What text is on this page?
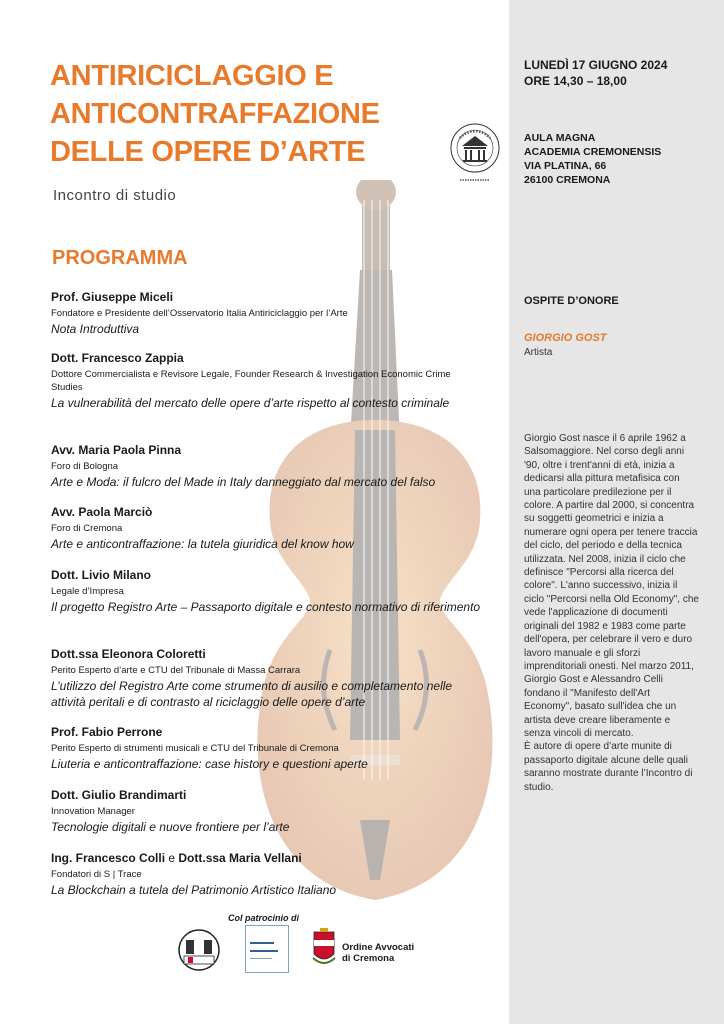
ANTIRICICLAGGIO E
ANTICONTRAFFAZIONE
DELLE OPERE D’ARTE
Incontro di studio
PROGRAMMA
Prof. Giuseppe Miceli
Fondatore e Presidente dell’Osservatorio Italia Antiriciclaggio per l’Arte
Nota Introduttiva
Dott. Francesco Zappia
Dottore Commercialista e Revisore Legale, Founder Research & Investigation Economic Crime Studies
La vulnerabilità del mercato delle opere d’arte rispetto al contesto criminale
Avv. Maria Paola Pinna
Foro di Bologna
Arte e Moda: il fulcro del Made in Italy danneggiato dal mercato del falso
Avv. Paola Marciò
Foro di Cremona
Arte e anticontraffazione: la tutela giuridica del know how
Dott. Livio Milano
Legale d’Impresa
Il progetto Registro Arte – Passaporto digitale e contesto normativo di riferimento
Dott.ssa Eleonora Coloretti
Perito Esperto d’arte e CTU del Tribunale di Massa Carrara
L’utilizzo del Registro Arte come strumento di ausilio e completamento nelle attività peritali e di contrasto al riciclaggio delle opere d’arte
Prof. Fabio Perrone
Perito Esperto di strumenti musicali e CTU del Tribunale di Cremona
Liuteria e anticontraffazione: case history e questioni aperte
Dott. Giulio Brandimarti
Innovation Manager
Tecnologie digitali e nuove frontiere per l’arte
Ing. Francesco Colli e Dott.ssa Maria Vellani
Fondatori di S | Trace
La Blockchain a tutela del Patrimonio Artistico Italiano
LUNEDÌ 17 GIUGNO 2024
ORE 14,30 – 18,00
AULA MAGNA
ACADEMIA CREMONENSIS
VIA PLATINA, 66
26100 CREMONA
OSPITE D’ONORE
GIORGIO GOST
Artista
Giorgio Gost nasce il 6 aprile 1962 a Salsomaggiore. Nel corso degli anni '90, oltre i trent'anni di età, inizia a dedicarsi alla pittura metafisica con una particolare predilezione per il colore. A partire dal 2000, si concentra su soggetti geometrici e inizia a numerare ogni opera per tenere traccia del ciclo, del periodo e della tecnica utilizzata. Nel 2008, inizia il ciclo che definisce "Percorsi alla ricerca del colore". L'anno successivo, inizia il ciclo "Percorsi nella Old Economy", che vede l'applicazione di documenti originali del 1982 e 1983 come parte dell'opera, per celebrare il vero e duro lavoro manuale e gli sforzi imprenditoriali onesti. Nel marzo 2011, Giorgio Gost e Alessandro Celli fondano il "Manifesto dell'Art Economy", basato sull'idea che un artista deve creare liberamente e senza vincoli di mercato.
È autore di opere d’arte munite di passaporto digitale alcune delle quali saranno mostrate durante l’Incontro di studio.
Col patrocinio di
Ordine Avvocati
di Cremona
